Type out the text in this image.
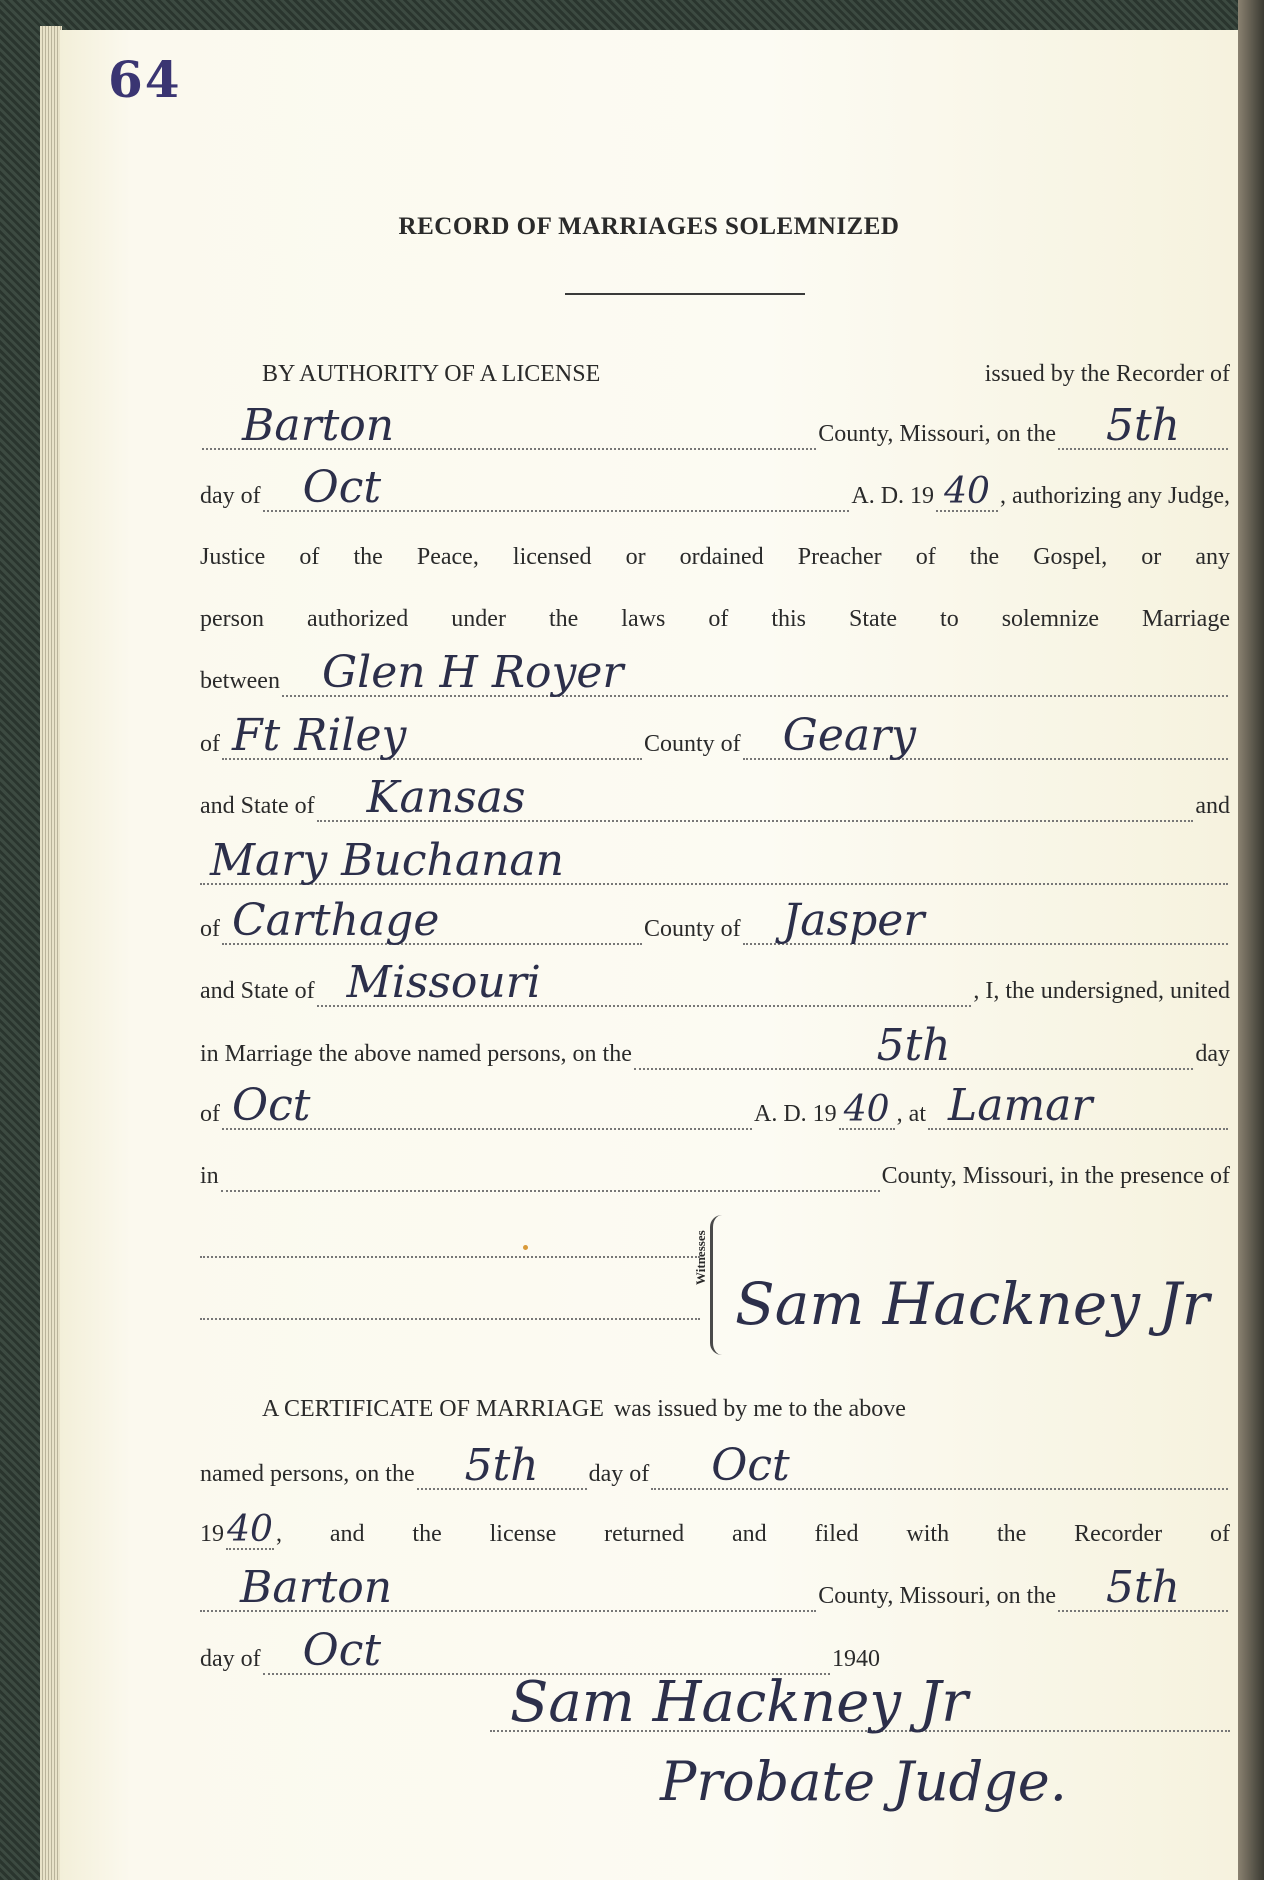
64
RECORD OF MARRIAGES SOLEMNIZED
BY AUTHORITY OF A LICENSE	issued by the Recorder of
Barton	County, Missouri, on the	5th
day of Oct	A. D. 19 40 , authorizing any Judge,
Justice of the Peace, licensed or ordained Preacher of the Gospel, or any
person authorized under the laws of this State to solemnize Marriage
between Glen H Royer
of Ft Riley	County of Geary
and State of	Kansas	and
Mary Buchanan
of Carthage	County of Jasper
and State of Missouri	, I, the undersigned, united
in Marriage the above named persons, on the	5th	day
of Oct	A. D. 19 40 , at Lamar
in	County, Missouri, in the presence of
Witnesses
Sam Hackney Jr
A CERTIFICATE OF MARRIAGE was issued by me to the above
named persons, on the	5th	day of	Oct
19 40 , and the license returned and filed with the Recorder of
Barton	County, Missouri, on the	5th
day of Oct	1940
Sam Hackney Jr
Probate Judge.
